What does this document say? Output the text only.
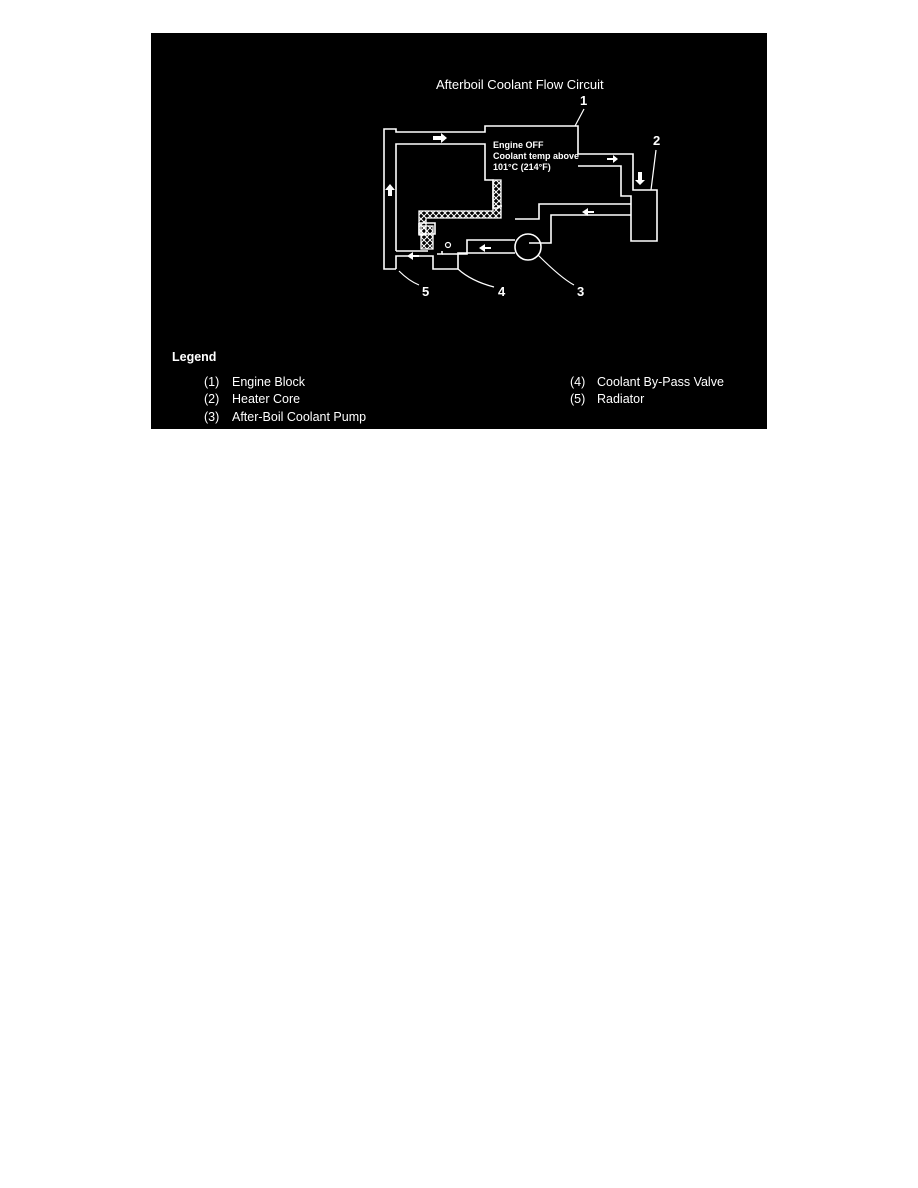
Afterboil Coolant Flow Circuit
Engine OFF Coolant temp above 101°C (214°F)
1
2
3
4
5
Legend
(1) Engine Block
(2) Heater Core
(3) After-Boil Coolant Pump
(4) Coolant By-Pass Valve
(5) Radiator
